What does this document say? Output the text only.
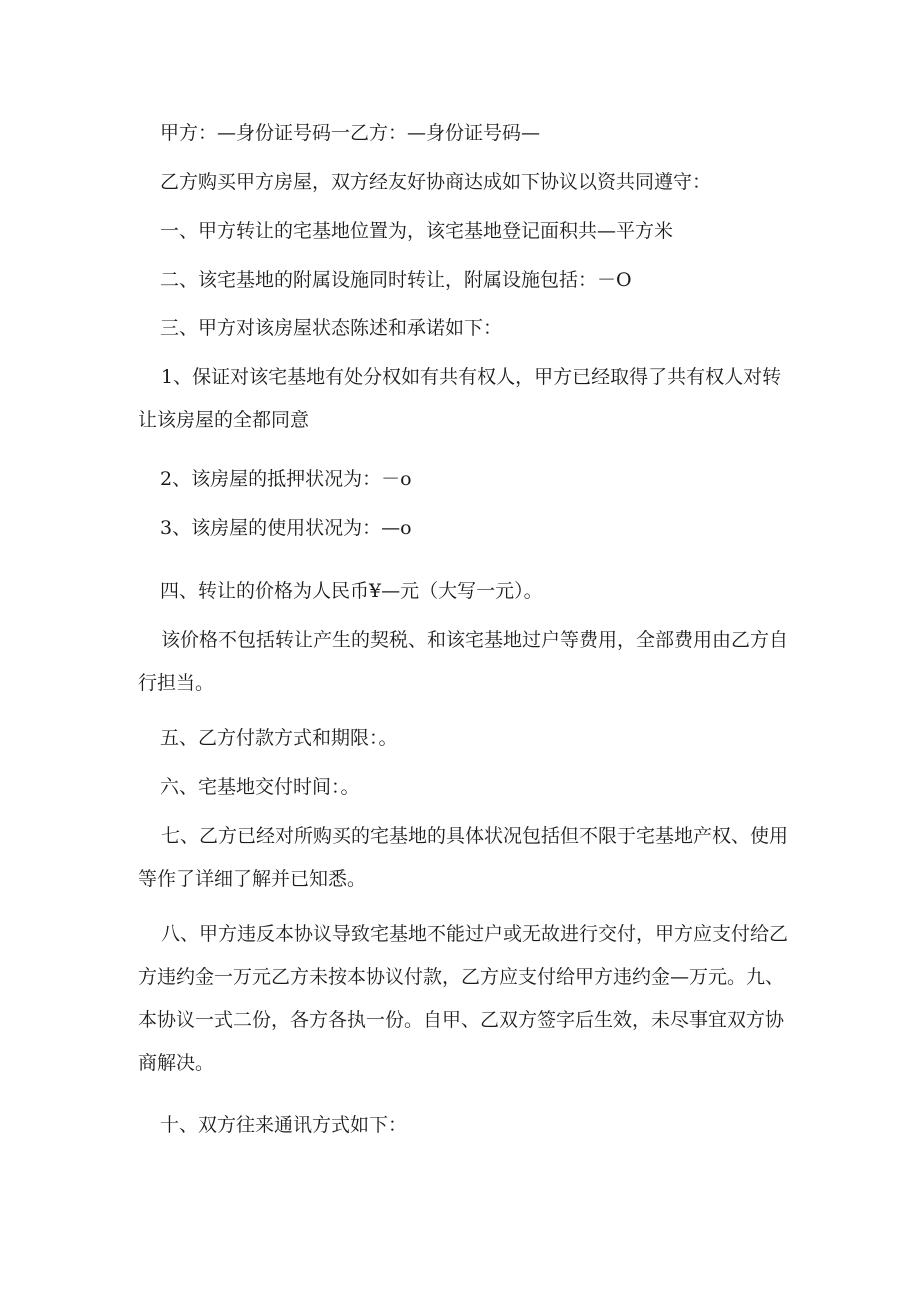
甲方：—身份证号码一乙方：—身份证号码—

乙方购买甲方房屋，双方经友好协商达成如下协议以资共同遵守：

一、甲方转让的宅基地位置为，该宅基地登记面积共—平方米

二、该宅基地的附属设施同时转让，附属设施包括：－O

三、甲方对该房屋状态陈述和承诺如下：

1、保证对该宅基地有处分权如有共有权人，甲方已经取得了共有权人对转让该房屋的全都同意

2、该房屋的抵押状况为：－o

3、该房屋的使用状况为：—o

四、转让的价格为人民币¥—元（大写一元）。

该价格不包括转让产生的契税、和该宅基地过户等费用，全部费用由乙方自行担当。

五、乙方付款方式和期限：。

六、宅基地交付时间：。

七、乙方已经对所购买的宅基地的具体状况包括但不限于宅基地产权、使用等作了详细了解并已知悉。

八、甲方违反本协议导致宅基地不能过户或无故进行交付，甲方应支付给乙方违约金一万元乙方未按本协议付款，乙方应支付给甲方违约金—万元。九、本协议一式二份，各方各执一份。自甲、乙双方签字后生效，未尽事宜双方协商解决。

十、双方往来通讯方式如下：
